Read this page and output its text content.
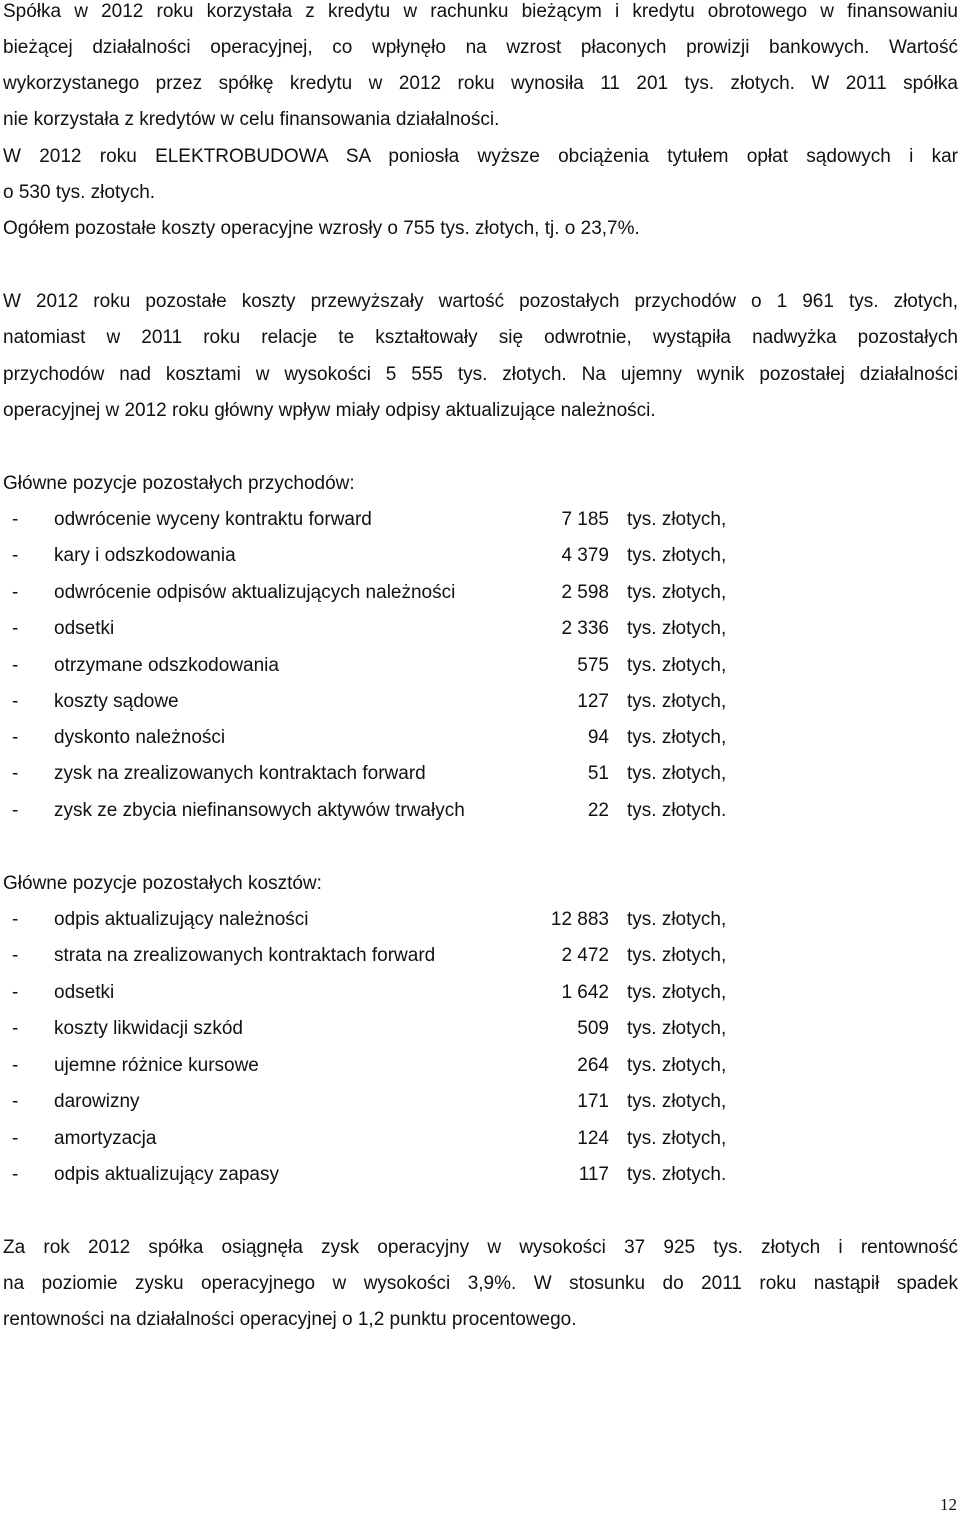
Spółka w 2012 roku korzystała z kredytu w rachunku bieżącym i kredytu obrotowego w finansowaniu
bieżącej działalności operacyjnej, co wpłynęło na wzrost płaconych prowizji bankowych. Wartość
wykorzystanego przez spółkę kredytu w 2012 roku wynosiła 11 201 tys. złotych. W 2011 spółka
nie korzystała z kredytów w celu finansowania działalności.
W 2012 roku ELEKTROBUDOWA SA poniosła wyższe obciążenia tytułem opłat sądowych i kar
o 530 tys. złotych.
Ogółem pozostałe koszty operacyjne wzrosły o 755 tys. złotych, tj. o 23,7%.
W 2012 roku pozostałe koszty przewyższały wartość pozostałych przychodów o 1 961 tys. złotych,
natomiast w 2011 roku relacje te kształtowały się odwrotnie, wystąpiła nadwyżka pozostałych
przychodów nad kosztami w wysokości 5 555 tys. złotych. Na ujemny wynik pozostałej działalności
operacyjnej w 2012 roku główny wpływ miały odpisy aktualizujące należności.
Główne pozycje pozostałych przychodów:
- odwrócenie wyceny kontraktu forward	7 185 tys. złotych,
- kary i odszkodowania	4 379 tys. złotych,
- odwrócenie odpisów aktualizujących należności	2 598 tys. złotych,
- odsetki	2 336 tys. złotych,
- otrzymane odszkodowania	575 tys. złotych,
- koszty sądowe	127 tys. złotych,
- dyskonto należności	94 tys. złotych,
- zysk na zrealizowanych kontraktach forward	51 tys. złotych,
- zysk ze zbycia niefinansowych aktywów trwałych	22 tys. złotych.
Główne pozycje pozostałych kosztów:
- odpis aktualizujący należności	12 883 tys. złotych,
- strata na zrealizowanych kontraktach forward	2 472 tys. złotych,
- odsetki	1 642 tys. złotych,
- koszty likwidacji szkód	509 tys. złotych,
- ujemne różnice kursowe	264 tys. złotych,
- darowizny	171 tys. złotych,
- amortyzacja	124 tys. złotych,
- odpis aktualizujący zapasy	117 tys. złotych.
Za rok 2012 spółka osiągnęła zysk operacyjny w wysokości 37 925 tys. złotych i rentowność
na poziomie zysku operacyjnego w wysokości 3,9%. W stosunku do 2011 roku nastąpił spadek
rentowności na działalności operacyjnej o 1,2 punktu procentowego.
12
